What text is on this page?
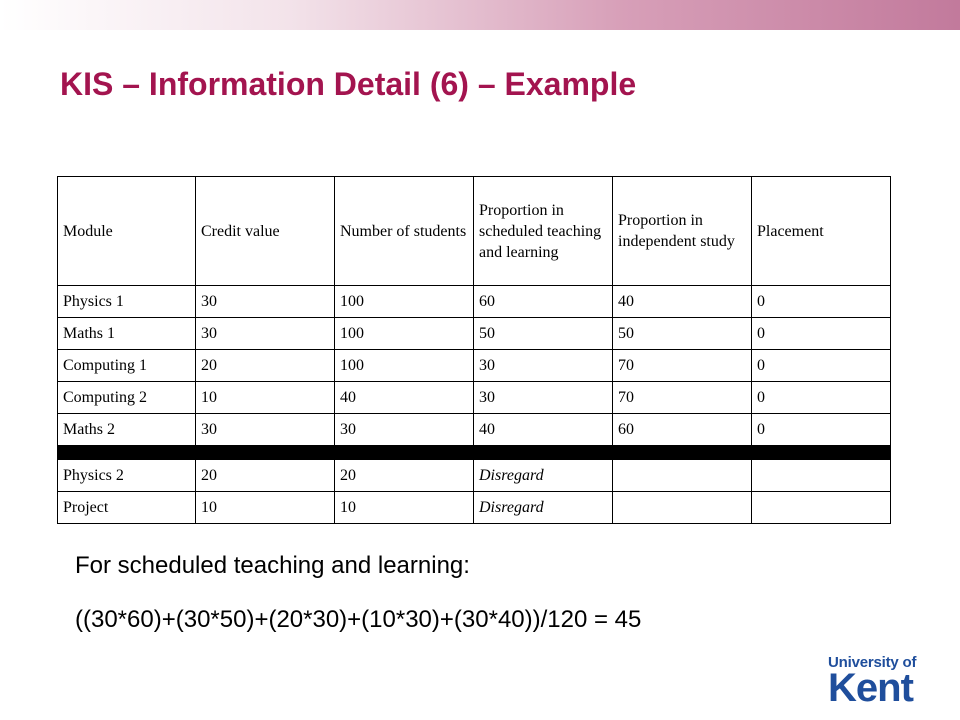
KIS – Information Detail (6) – Example
Module	Credit value	Number of students	Proportion in scheduled teaching and learning	Proportion in independent study	Placement
Physics 1	30	100	60	40	0
Maths 1	30	100	50	50	0
Computing 1	20	100	30	70	0
Computing 2	10	40	30	70	0
Maths 2	30	30	40	60	0

Physics 2	20	20	Disregard		
Project	10	10	Disregard		
For scheduled teaching and learning:
((30*60)+(30*50)+(20*30)+(10*30)+(30*40))/120 = 45
University of
Kent
